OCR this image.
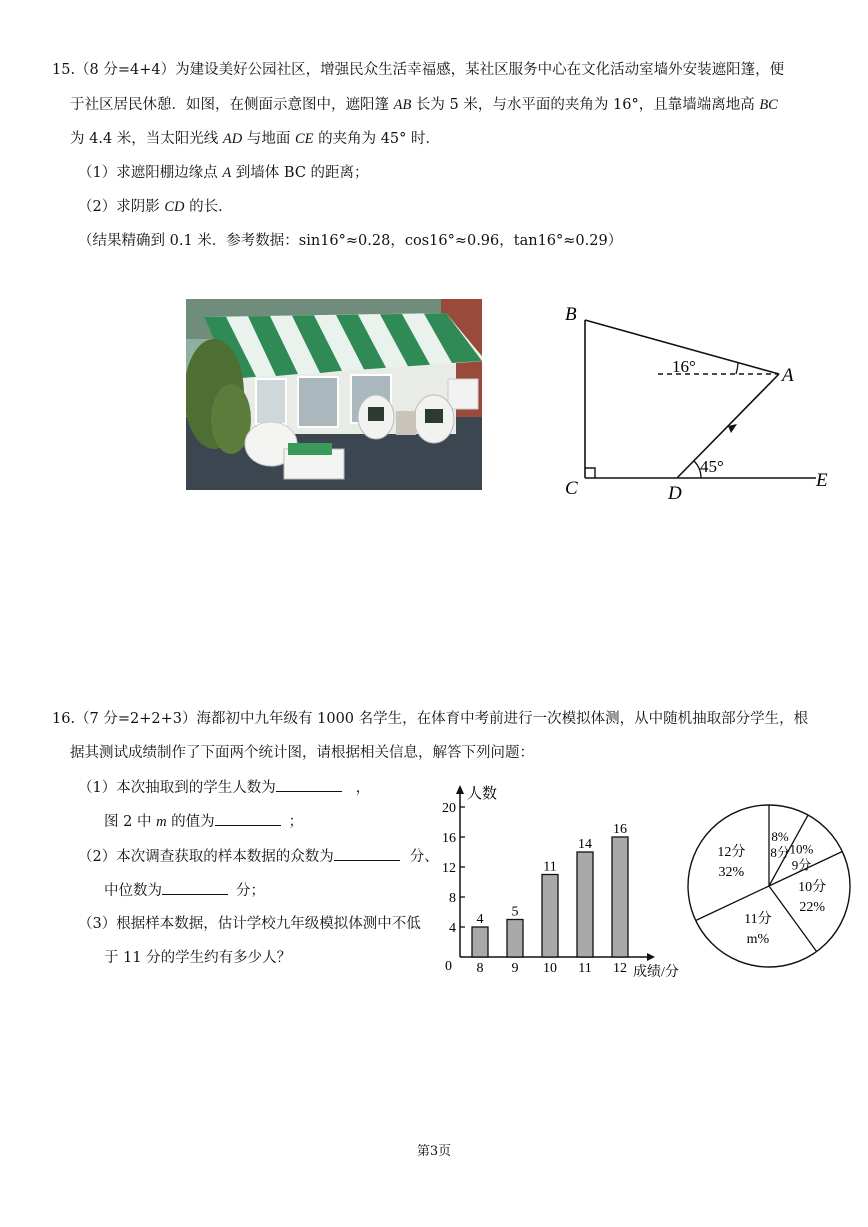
15.（8 分=4+4）为建设美好公园社区，增强民众生活幸福感，某社区服务中心在文化活动室墙外安装遮阳篷，便
于社区居民休憩．如图，在侧面示意图中，遮阳篷 AB 长为 5 米，与水平面的夹角为 16°，且靠墙端离地高 BC
为 4.4 米，当太阳光线 AD 与地面 CE 的夹角为 45° 时．
（1）求遮阳棚边缘点 A 到墙体 BC 的距离；
（2）求阴影 CD 的长．
（结果精确到 0.1 米．参考数据：sin16°≈0.28，cos16°≈0.96，tan16°≈0.29）
B
A
C	D
E
16°
45°
16.（7 分=2+2+3）海都初中九年级有 1000 名学生，在体育中考前进行一次模拟体测，从中随机抽取部分学生，根
据其测试成绩制作了下面两个统计图，请根据相关信息，解答下列问题：
（1）本次抽取到的学生人数为	，
图 2 中 m 的值为	；
（2）本次调查获取的样本数据的众数为	分、
中位数为	分；
（3）根据样本数据，估计学校九年级模拟体测中不低
于 11 分的学生约有多少人？
人数
成绩/分
0
4
8
12
16
20
4
8
5
9
11
10
14
11
16
12
8%
8分 10%
9分
10分
22%
11分
m%
12分
32%
第3页
